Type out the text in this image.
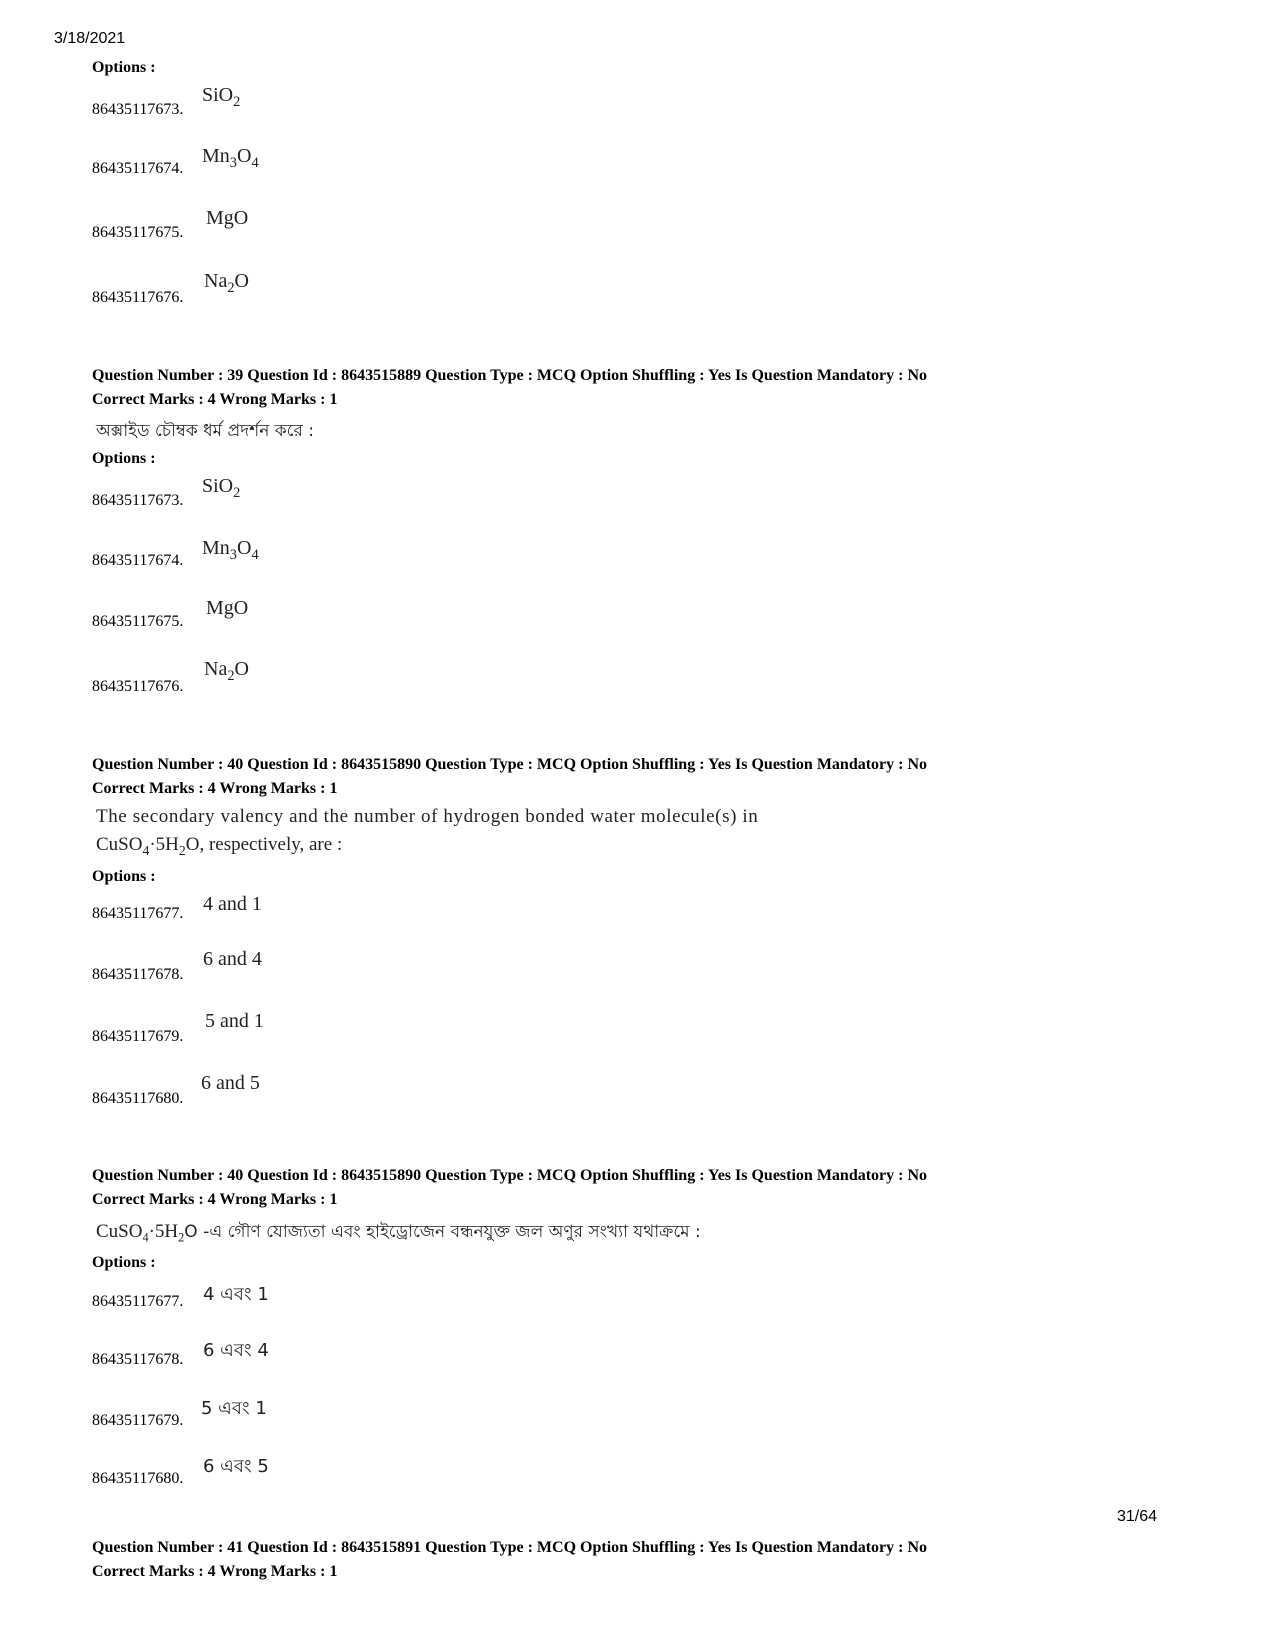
3/18/2021
31/64
Options :
86435117673.
SiO$_2$
86435117674.
$Mn_3O_4$
86435117675.
MgO
86435117676.
$Na_2O$
Question Number : 39 Question Id : 8643515889 Question Type : MCQ Option Shuffling : Yes Is Question Mandatory : No
Correct Marks : 4 Wrong Marks : 1
অক্সাইড চৌম্বক ধর্ম প্রদর্শন করে :
Options :
86435117673.
SiO$_2$
86435117674.
$Mn_3O_4$
86435117675.
MgO
86435117676.
$Na_2O$
Question Number : 40 Question Id : 8643515890 Question Type : MCQ Option Shuffling : Yes Is Question Mandatory : No
Correct Marks : 4 Wrong Marks : 1
The secondary valency and the number of hydrogen bonded water molecule(s) in
$CuSO_4\cdot 5H_2O$, respectively, are :
Options :
86435117677. 4 and 1
86435117678.
6 and 4
86435117679.
5 and 1
86435117680.
6 and 5
Question Number : 40 Question Id : 8643515890 Question Type : MCQ Option Shuffling : Yes Is Question Mandatory : No
Correct Marks : 4 Wrong Marks : 1
$CuSO_4\cdot 5H_2O$ -এ গৌণ যোজ্যতা এবং হাইড্রোজেন বন্ধনযুক্ত জল অণুর সংখ্যা যথাক্রমে :
Options :
86435117677. 4 এবং 1
86435117678. 6 এবং 4
86435117679.
5 এবং 1
86435117680.
6 এবং 5
Question Number : 41 Question Id : 8643515891 Question Type : MCQ Option Shuffling : Yes Is Question Mandatory : No
Correct Marks : 4 Wrong Marks : 1
